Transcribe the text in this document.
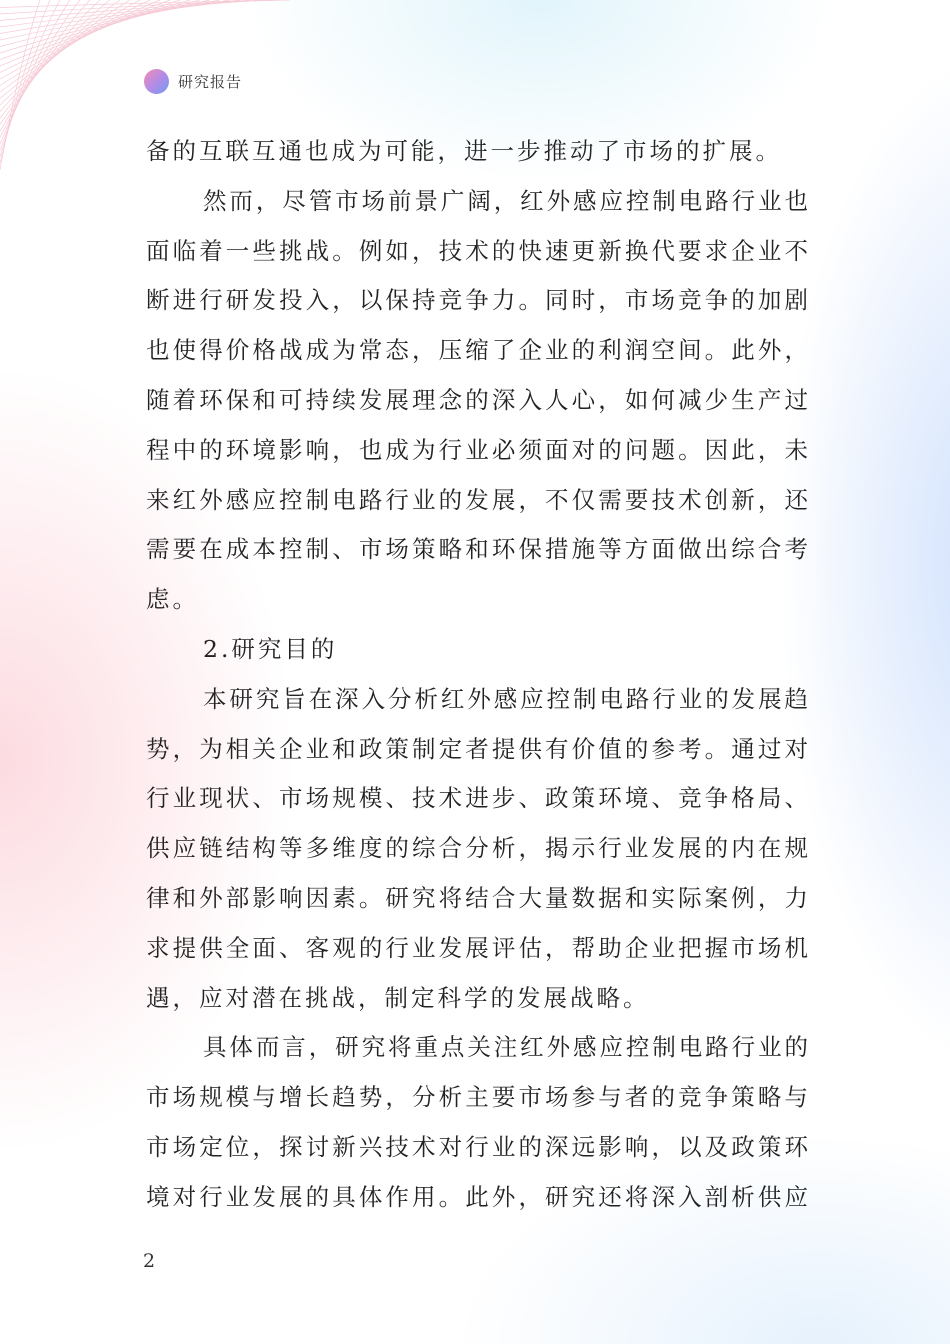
研究报告
备的互联互通也成为可能，进一步推动了市场的扩展。
然而，尽管市场前景广阔，红外感应控制电路行业也
面临着一些挑战。例如，技术的快速更新换代要求企业不
断进行研发投入，以保持竞争力。同时，市场竞争的加剧
也使得价格战成为常态，压缩了企业的利润空间。此外，
随着环保和可持续发展理念的深入人心，如何减少生产过
程中的环境影响，也成为行业必须面对的问题。因此，未
来红外感应控制电路行业的发展，不仅需要技术创新，还
需要在成本控制、市场策略和环保措施等方面做出综合考
虑。
2.研究目的
本研究旨在深入分析红外感应控制电路行业的发展趋
势，为相关企业和政策制定者提供有价值的参考。通过对
行业现状、市场规模、技术进步、政策环境、竞争格局、
供应链结构等多维度的综合分析，揭示行业发展的内在规
律和外部影响因素。研究将结合大量数据和实际案例，力
求提供全面、客观的行业发展评估，帮助企业把握市场机
遇，应对潜在挑战，制定科学的发展战略。
具体而言，研究将重点关注红外感应控制电路行业的
市场规模与增长趋势，分析主要市场参与者的竞争策略与
市场定位，探讨新兴技术对行业的深远影响，以及政策环
境对行业发展的具体作用。此外，研究还将深入剖析供应
2
